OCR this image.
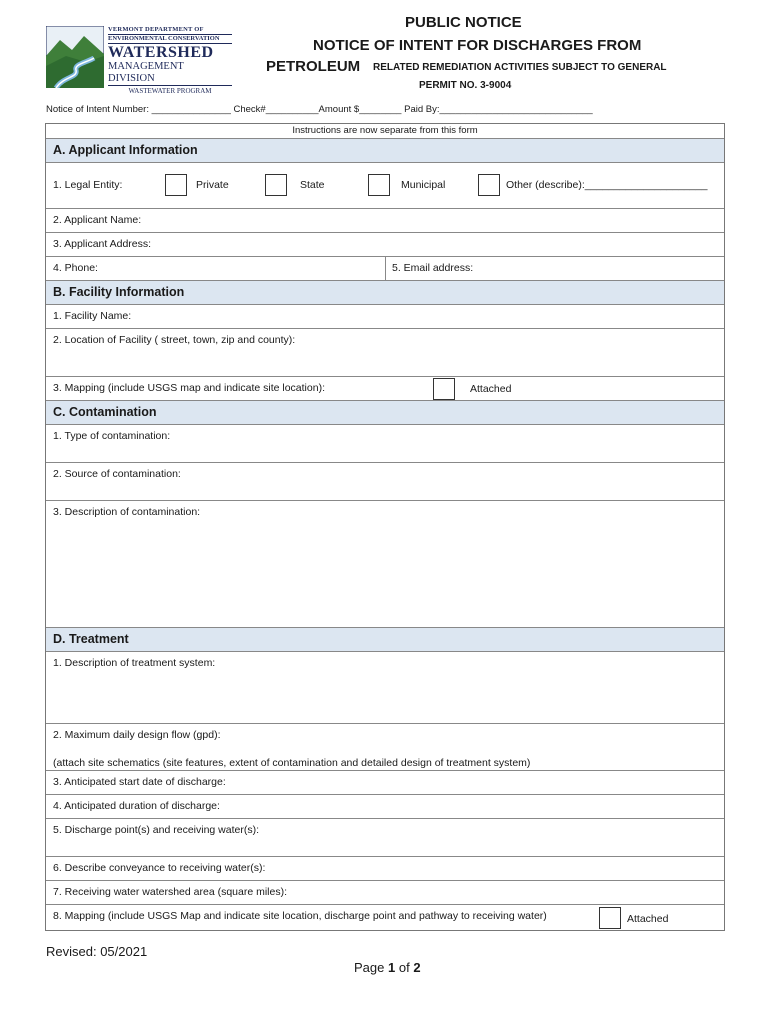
VERMONT DEPARTMENT OF
ENVIRONMENTAL CONSERVATION
WATERSHED
MANAGEMENT DIVISION
WASTEWATER PROGRAM
PUBLIC NOTICE
NOTICE OF INTENT FOR DISCHARGES FROM
PETROLEUM RELATED REMEDIATION ACTIVITIES SUBJECT TO GENERAL
PERMIT NO. 3-9004
Notice of Intent Number: _______________ Check#__________Amount $________ Paid By:_____________________________
Instructions are now separate from this form
A. Applicant Information
1. Legal Entity:	Private	State	Municipal	Other (describe):_____________________
2. Applicant Name:
3. Applicant Address:
4. Phone:	5. Email address:
B. Facility Information
1. Facility Name:
2. Location of Facility ( street, town, zip and county):
3. Mapping (include USGS map and indicate site location):	Attached
C. Contamination
1. Type of contamination:
2. Source of contamination:
3. Description of contamination:
D. Treatment
1. Description of treatment system:
2. Maximum daily design flow (gpd):
(attach site schematics (site features, extent of contamination and detailed design of treatment system)
3. Anticipated start date of discharge:
4. Anticipated duration of discharge:
5. Discharge point(s) and receiving water(s):
6. Describe conveyance to receiving water(s):
7. Receiving water watershed area (square miles):
8. Mapping (include USGS Map and indicate site location, discharge point and pathway to receiving water)	Attached
Revised: 05/2021
Page 1 of 2
